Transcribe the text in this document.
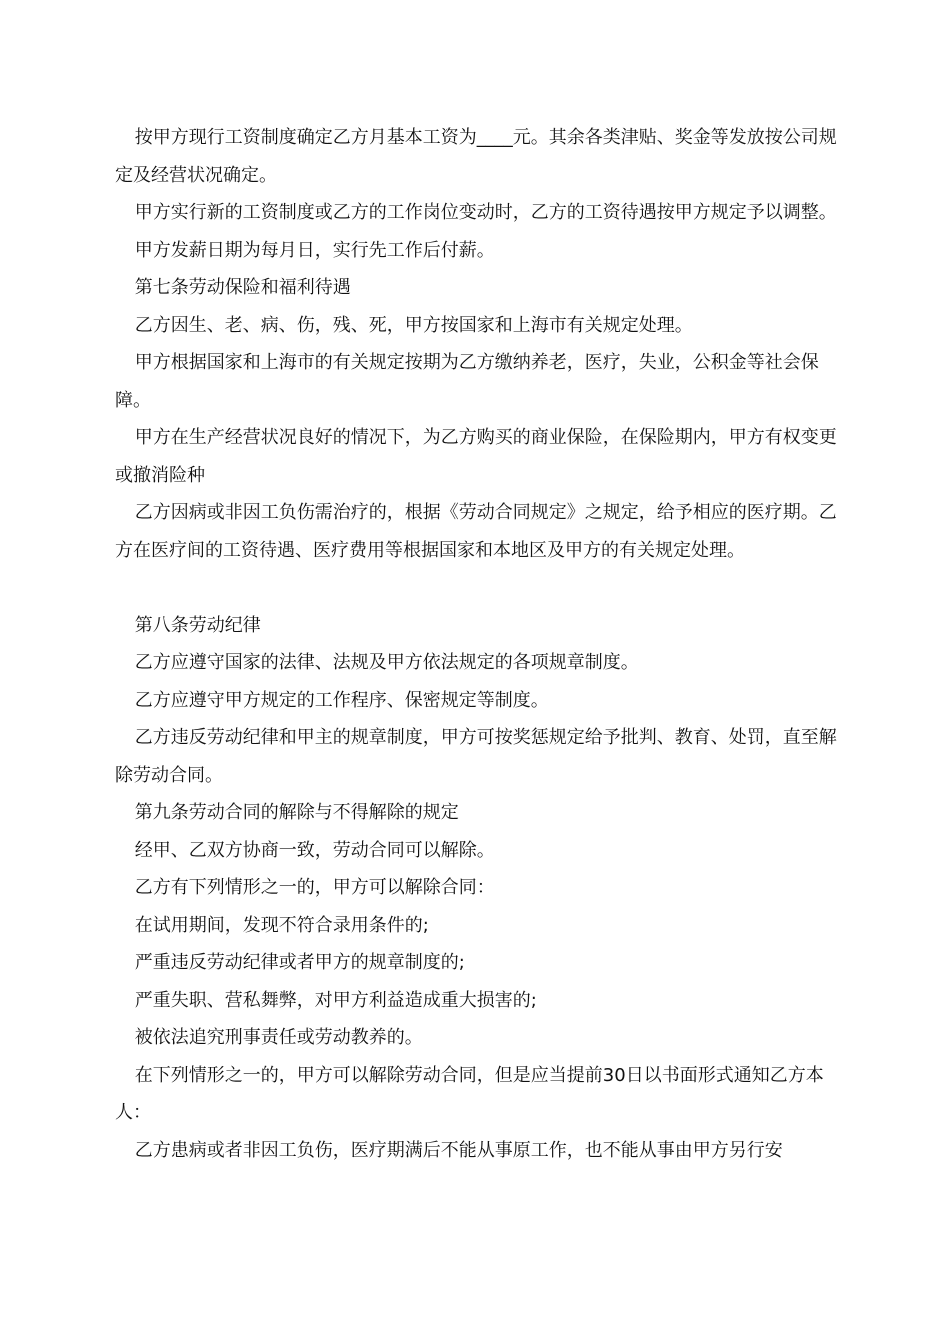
按甲方现行工资制度确定乙方月基本工资为____元。其余各类津贴、奖金等发放按公司规定及经营状况确定。

甲方实行新的工资制度或乙方的工作岗位变动时，乙方的工资待遇按甲方规定予以调整。

甲方发薪日期为每月日，实行先工作后付薪。

第七条劳动保险和福利待遇

乙方因生、老、病、伤，残、死，甲方按国家和上海市有关规定处理。

甲方根据国家和上海市的有关规定按期为乙方缴纳养老，医疗，失业，公积金等社会保障。

甲方在生产经营状况良好的情况下，为乙方购买的商业保险，在保险期内，甲方有权变更或撤消险种

乙方因病或非因工负伤需治疗的，根据《劳动合同规定》之规定，给予相应的医疗期。乙方在医疗间的工资待遇、医疗费用等根据国家和本地区及甲方的有关规定处理。

第八条劳动纪律

乙方应遵守国家的法律、法规及甲方依法规定的各项规章制度。

乙方应遵守甲方规定的工作程序、保密规定等制度。

乙方违反劳动纪律和甲主的规章制度，甲方可按奖惩规定给予批判、教育、处罚，直至解除劳动合同。

第九条劳动合同的解除与不得解除的规定

经甲、乙双方协商一致，劳动合同可以解除。

乙方有下列情形之一的，甲方可以解除合同：

在试用期间，发现不符合录用条件的;

严重违反劳动纪律或者甲方的规章制度的;

严重失职、营私舞弊，对甲方利益造成重大损害的;

被依法追究刑事责任或劳动教养的。

在下列情形之一的，甲方可以解除劳动合同，但是应当提前30日以书面形式通知乙方本人：

乙方患病或者非因工负伤，医疗期满后不能从事原工作，也不能从事由甲方另行安
